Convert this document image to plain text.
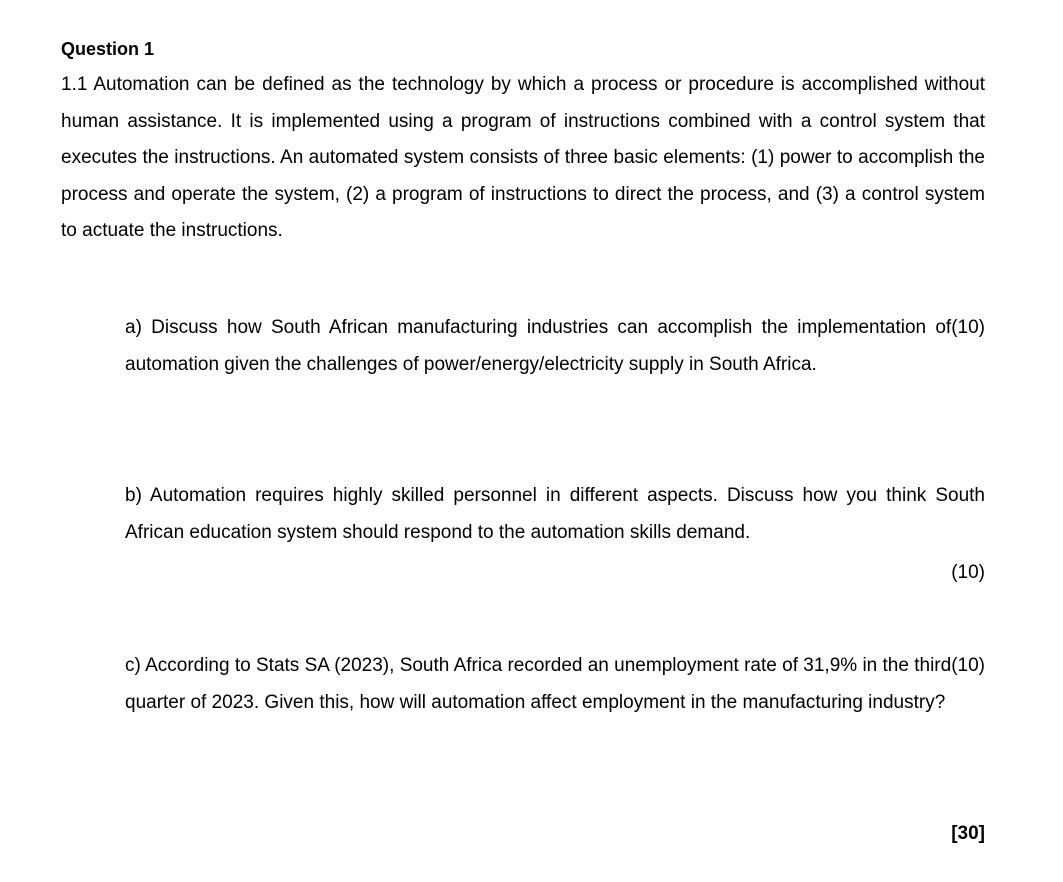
Question 1

1.1 Automation can be defined as the technology by which a process or procedure is accomplished without human assistance. It is implemented using a program of instructions combined with a control system that executes the instructions. An automated system consists of three basic elements: (1) power to accomplish the process and operate the system, (2) a program of instructions to direct the process, and (3) a control system to actuate the instructions.

(10)
a) Discuss how South African manufacturing industries can accomplish the implementation of automation given the challenges of power/energy/electricity supply in South Africa.

b) Automation requires highly skilled personnel in different aspects. Discuss how you think South African education system should respond to the automation skills demand.

(10)

(10)
c) According to Stats SA (2023), South Africa recorded an unemployment rate of 31,9% in the third quarter of 2023. Given this, how will automation affect employment in the manufacturing industry?

[30]
